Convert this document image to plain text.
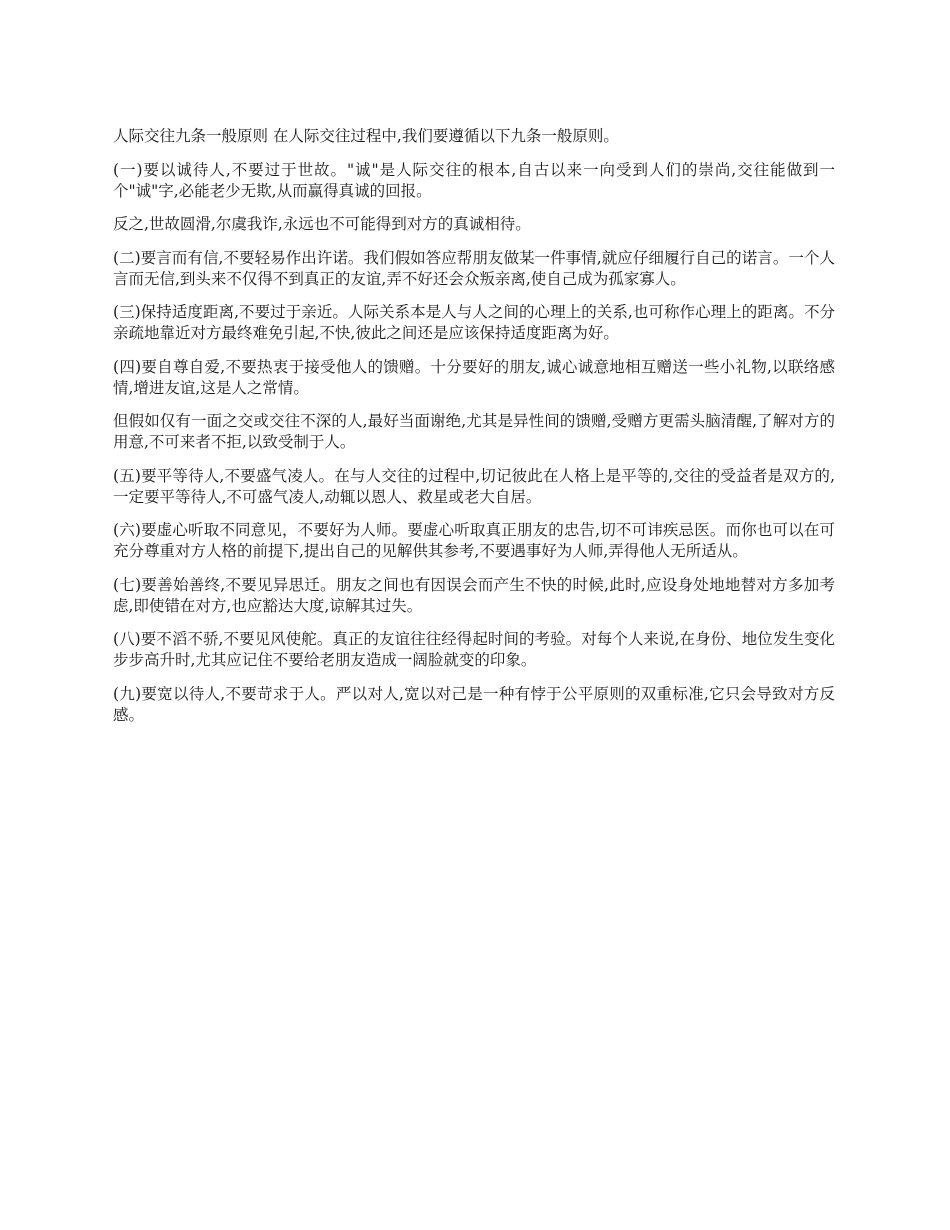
人际交往九条一般原则 在人际交往过程中,我们要遵循以下九条一般原则。

(一)要以诚待人,不要过于世故。"诚"是人际交往的根本,自古以来一向受到人们的崇尚,交往能做到一个"诚"字,必能老少无欺,从而赢得真诚的回报。

反之,世故圆滑,尔虞我诈,永远也不可能得到对方的真诚相待。

(二)要言而有信,不要轻易作出许诺。我们假如答应帮朋友做某一件事情,就应仔细履行自己的诺言。一个人言而无信,到头来不仅得不到真正的友谊,弄不好还会众叛亲离,使自己成为孤家寡人。

(三)保持适度距离,不要过于亲近。人际关系本是人与人之间的心理上的关系,也可称作心理上的距离。不分亲疏地靠近对方最终难免引起,不快,彼此之间还是应该保持适度距离为好。

(四)要自尊自爱,不要热衷于接受他人的馈赠。十分要好的朋友,诚心诚意地相互赠送一些小礼物,以联络感情,增进友谊,这是人之常情。

但假如仅有一面之交或交往不深的人,最好当面谢绝,尤其是异性间的馈赠,受赠方更需头脑清醒,了解对方的用意,不可来者不拒,以致受制于人。

(五)要平等待人,不要盛气凌人。在与人交往的过程中,切记彼此在人格上是平等的,交往的受益者是双方的,一定要平等待人,不可盛气凌人,动辄以恩人、救星或老大自居。

(六)要虚心听取不同意见，不要好为人师。要虚心听取真正朋友的忠告,切不可讳疾忌医。而你也可以在可充分尊重对方人格的前提下,提出自己的见解供其参考,不要遇事好为人师,弄得他人无所适从。

(七)要善始善终,不要见异思迁。朋友之间也有因误会而产生不快的时候,此时,应设身处地地替对方多加考虑,即使错在对方,也应豁达大度,谅解其过失。

(八)要不滔不骄,不要见风使舵。真正的友谊往往经得起时间的考验。对每个人来说,在身份、地位发生变化步步高升时,尤其应记住不要给老朋友造成一阔脸就变的印象。

(九)要宽以待人,不要苛求于人。严以对人,宽以对己是一种有悖于公平原则的双重标准,它只会导致对方反感。
